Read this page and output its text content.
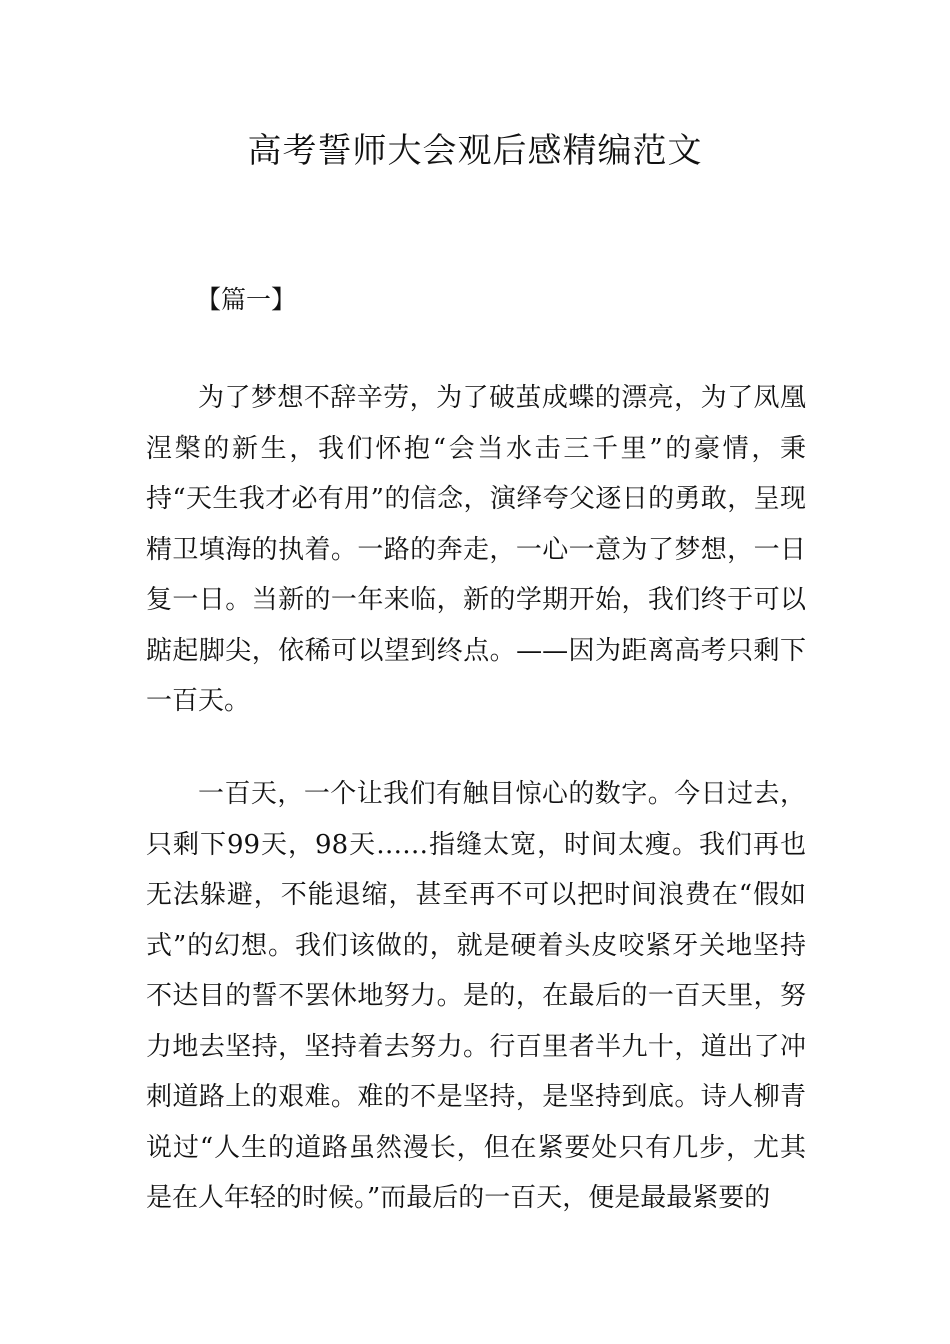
高考誓师大会观后感精编范文
【篇一】

为了梦想不辞辛劳，为了破茧成蝶的漂亮，为了凤凰涅槃的新生，我们怀抱“会当水击三千里”的豪情，秉持“天生我才必有用”的信念，演绎夸父逐日的勇敢，呈现精卫填海的执着。一路的奔走，一心一意为了梦想，一日复一日。当新的一年来临，新的学期开始，我们终于可以踮起脚尖，依稀可以望到终点。——因为距离高考只剩下一百天。

一百天，一个让我们有触目惊心的数字。今日过去，只剩下99天，98天……指缝太宽，时间太瘦。我们再也无法躲避，不能退缩，甚至再不可以把时间浪费在“假如式”的幻想。我们该做的，就是硬着头皮咬紧牙关地坚持不达目的誓不罢休地努力。是的，在最后的一百天里，努力地去坚持，坚持着去努力。行百里者半九十，道出了冲刺道路上的艰难。难的不是坚持，是坚持到底。诗人柳青说过“人生的道路虽然漫长，但在紧要处只有几步，尤其是在人年轻的时候。”而最后的一百天，便是最最紧要的
